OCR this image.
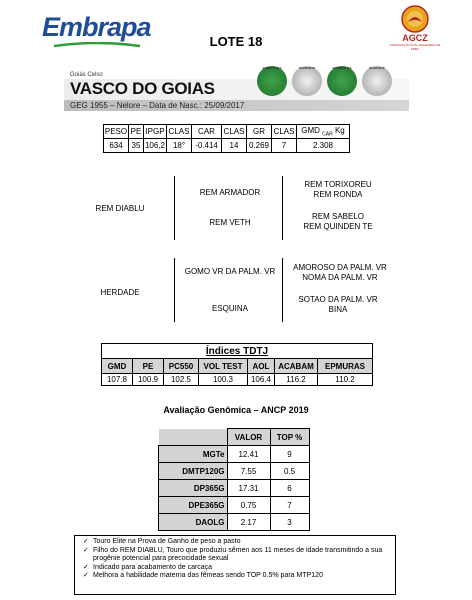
Embrapa	LOTE 18	AGCZ
ASSOCIAÇÃO DOS CRIADORES DE ZEBU
Goiás Celso
VASCO DO GOIAS
GEG 1955 – Nelore – Data de Nasc.: 25/09/2017
ESMERALDA	DIAMANTE	ESMERALDA	DIAMANTE
PESO	PE	IPGP	CLAS	CAR	CLAS	GR	CLAS	GMD $_{CAR}$ Kg
634	35	106,2	18°	-0.414	14	0.269	7	2.308
REM DIABLU
REM ARMADOR
REM TORIXOREU
REM RONDA
REM VETH
REM SABELO
REM QUINDEN TE
HERDADE
GOMO VR DA PALM. VR	AMOROSO DA PALM. VR
NOMA DA PALM. VR
ESQUINA
SOTAO DA PALM. VR
BINA
Índices TDTJ						
GMD	PE	PC550	VOL TEST	AOL	ACABAM	EPMURAS
107.8	100.9	102.5	100.3	106.4	116.2	110.2
Avaliação Genômica – ANCP 2019
	VALOR	TOP %
MGTe	12.41	9
DMTP120G	7.55	0.5
DP365G	17.31	6
DPE365G	0.75	7
DAOLG	2.17	3
✓ Touro Elite na Prova de Ganho de peso a pasto
✓ Filho do REM DIABLU, Touro que produziu sêmen aos 11 meses de idade transmitindo a sua progênie potencial para precocidade sexual
✓ Indicado para acabamento de carcaça
✓ Melhora a habilidade materna das fêmeas sendo TOP 0.5% para MTP120
